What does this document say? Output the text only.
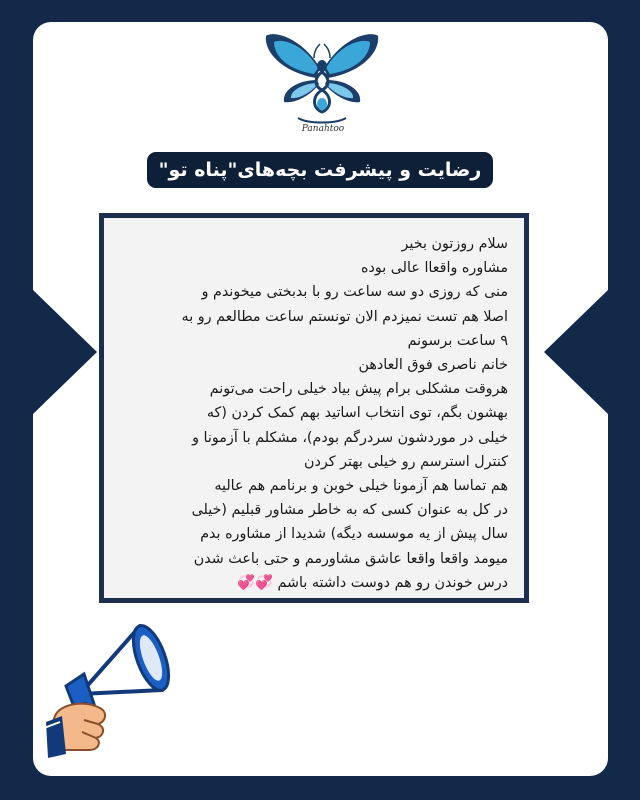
Panahtoo
رضایت و پیشرفت بچه‌های"پناه تو"
سلام روزتون بخیر
مشاوره واقعاا عالی بوده
منی که روزی دو سه ساعت رو با بدبختی میخوندم و
اصلا هم تست نمیزدم الان تونستم ساعت مطالعم رو به
۹ ساعت برسونم
خانم ناصری فوق العادهن
هروقت مشکلی برام پیش بیاد خیلی راحت می‌تونم
بهشون بگم، توی انتخاب اساتید بهم کمک کردن (که
خیلی در موردشون سردرگم بودم)، مشکلم با آزمونا و
کنترل استرسم رو خیلی بهتر کردن
هم تماسا هم آزمونا خیلی خوبن و برنامم هم عالیه
در کل به عنوان کسی که به خاطر مشاور قبلیم (خیلی
سال پیش از یه موسسه دیگه) شدیدا از مشاوره بدم
میومد واقعا واقعا عاشق مشاورمم و حتی باعث شدن
درس خوندن رو هم دوست داشته باشم 💞💞
